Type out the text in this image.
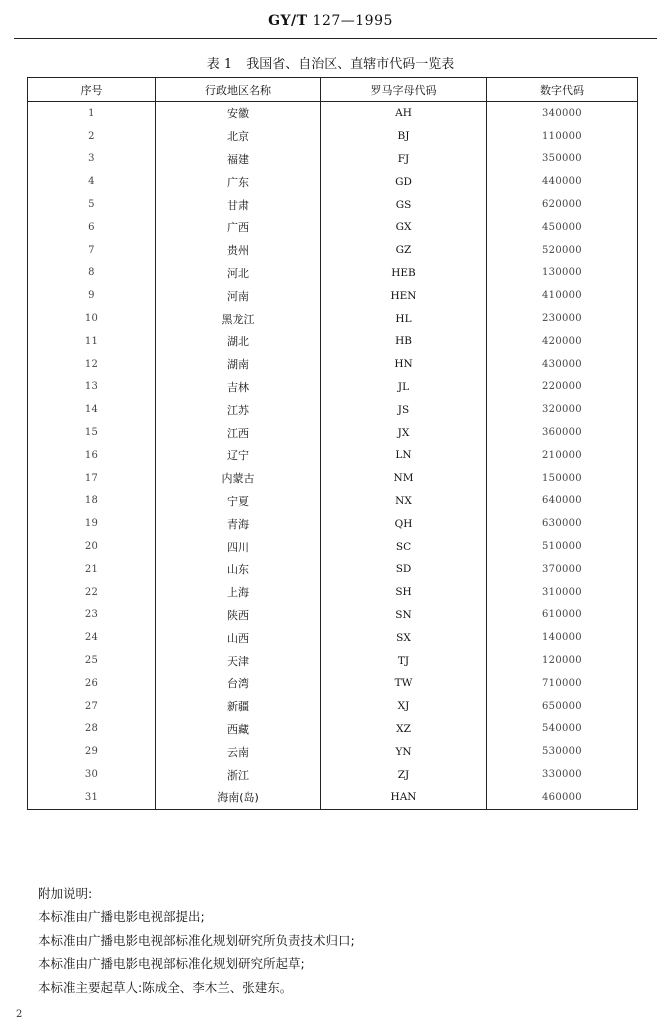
GY/T 127—1995
表 1 我国省、自治区、直辖市代码一览表
序号	行政地区名称	罗马字母代码	数字代码
1	安徽	AH	340000
2	北京	BJ	110000
3	福建	FJ	350000
4	广东	GD	440000
5	甘肃	GS	620000
6	广西	GX	450000
7	贵州	GZ	520000
8	河北	HEB	130000
9	河南	HEN	410000
10	黑龙江	HL	230000
11	湖北	HB	420000
12	湖南	HN	430000
13	吉林	JL	220000
14	江苏	JS	320000
15	江西	JX	360000
16	辽宁	LN	210000
17	内蒙古	NM	150000
18	宁夏	NX	640000
19	青海	QH	630000
20	四川	SC	510000
21	山东	SD	370000
22	上海	SH	310000
23	陕西	SN	610000
24	山西	SX	140000
25	天津	TJ	120000
26	台湾	TW	710000
27	新疆	XJ	650000
28	西藏	XZ	540000
29	云南	YN	530000
30	浙江	ZJ	330000
31	海南(岛)	HAN	460000
附加说明:
本标准由广播电影电视部提出;
本标准由广播电影电视部标准化规划研究所负责技术归口;
本标准由广播电影电视部标准化规划研究所起草;
本标准主要起草人:陈成全、李木兰、张建东。
2
